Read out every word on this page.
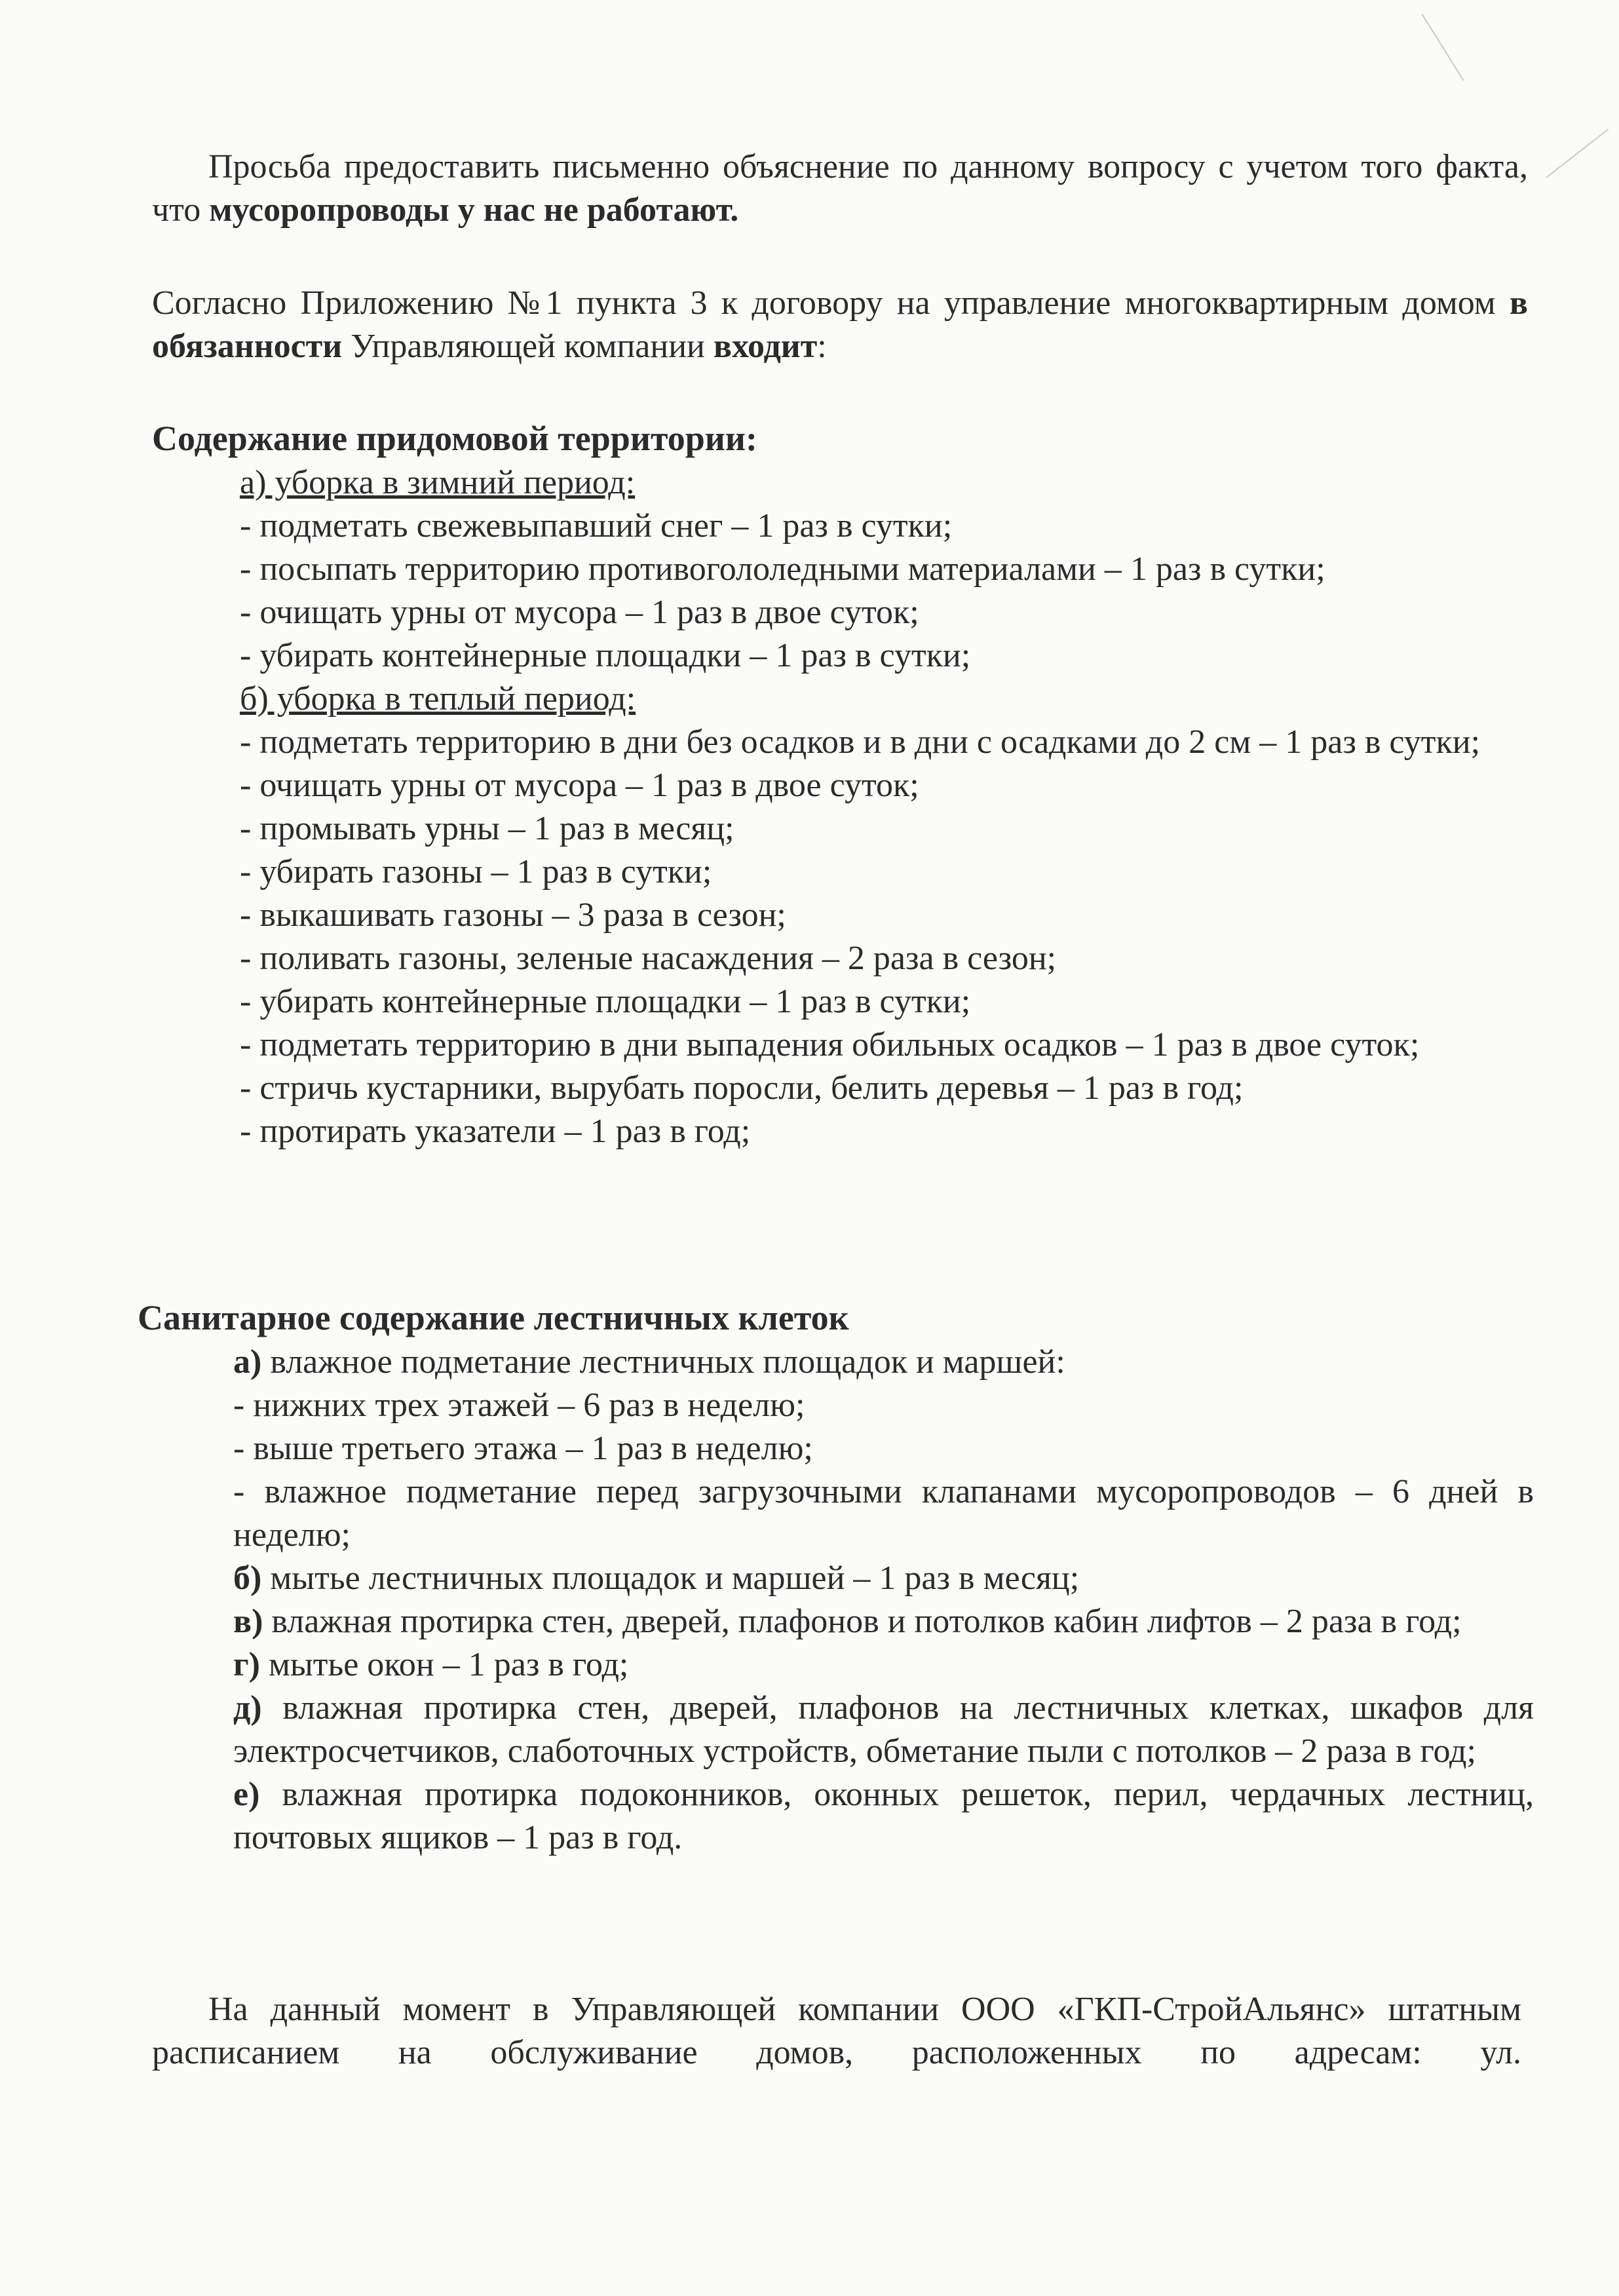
Просьба предоставить письменно объяснение по данному вопросу с учетом того факта, что мусоропроводы у нас не работают.

Согласно Приложению №1 пункта 3 к договору на управление многоквартирным домом в обязанности Управляющей компании входит:

Содержание придомовой территории:
а) уборка в зимний период:
- подметать свежевыпавший снег – 1 раз в сутки;
- посыпать территорию противогололедными материалами – 1 раз в сутки;
- очищать урны от мусора – 1 раз в двое суток;
- убирать контейнерные площадки – 1 раз в сутки;
б) уборка в теплый период:
- подметать территорию в дни без осадков и в дни с осадками до 2 см – 1 раз в сутки;
- очищать урны от мусора – 1 раз в двое суток;
- промывать урны – 1 раз в месяц;
- убирать газоны – 1 раз в сутки;
- выкашивать газоны – 3 раза в сезон;
- поливать газоны, зеленые насаждения – 2 раза в сезон;
- убирать контейнерные площадки – 1 раз в сутки;
- подметать территорию в дни выпадения обильных осадков – 1 раз в двое суток;
- стричь кустарники, вырубать поросли, белить деревья – 1 раз в год;
- протирать указатели – 1 раз в год;
Санитарное содержание лестничных клеток
а) влажное подметание лестничных площадок и маршей:
- нижних трех этажей – 6 раз в неделю;
- выше третьего этажа – 1 раз в неделю;
- влажное подметание перед загрузочными клапанами мусоропроводов – 6 дней в неделю;
б) мытье лестничных площадок и маршей – 1 раз в месяц;
в) влажная протирка стен, дверей, плафонов и потолков кабин лифтов – 2 раза в год;
г) мытье окон – 1 раз в год;
д) влажная протирка стен, дверей, плафонов на лестничных клетках, шкафов для электросчетчиков, слаботочных устройств, обметание пыли с потолков – 2 раза в год;
е) влажная протирка подоконников, оконных решеток, перил, чердачных лестниц, почтовых ящиков – 1 раз в год.

На данный момент в Управляющей компании ООО «ГКП-СтройАльянс» штатным расписанием на обслуживание домов, расположенных по адресам: ул.
